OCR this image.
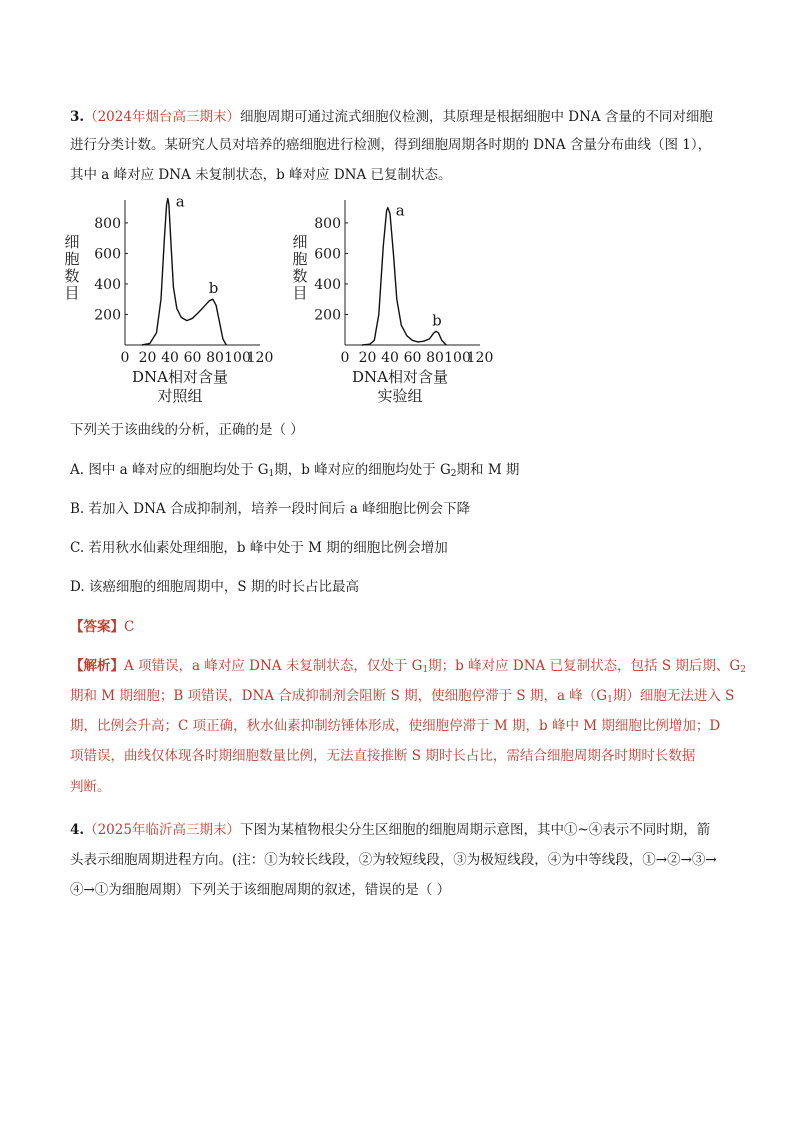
3.（2024年烟台高三期末）细胞周期可通过流式细胞仪检测，其原理是根据细胞中 DNA 含量的不同对细胞
进行分类计数。某研究人员对培养的癌细胞进行检测，得到细胞周期各时期的 DNA 含量分布曲线（图 1），
其中 a 峰对应 DNA 未复制状态，b 峰对应 DNA 已复制状态。
200
400
600
800
0 20 40 60 80 100
120
细
胞
数
目
DNA相对含量
对照组
a
b
200
400
600
800
0 20 40 60 80 100
120
细
胞
数
目
DNA相对含量
实验组
a
b
下列关于该曲线的分析，正确的是（ ）
A. 图中 a 峰对应的细胞均处于 $G_1$期，b 峰对应的细胞均处于 $G_2$期和 M 期
B. 若加入 DNA 合成抑制剂，培养一段时间后 a 峰细胞比例会下降
C. 若用秋水仙素处理细胞，b 峰中处于 M 期的细胞比例会增加
D. 该癌细胞的细胞周期中，S 期的时长占比最高
【答案】C
【解析】A 项错误，a 峰对应 DNA 未复制状态，仅处于 $G_1$期；b 峰对应 DNA 已复制状态，包括 S 期后期、$G_2$
期和 M 期细胞；B 项错误，DNA 合成抑制剂会阻断 S 期，使细胞停滞于 S 期，a 峰（$G_1$期）细胞无法进入 S
期，比例会升高；C 项正确，秋水仙素抑制纺锤体形成，使细胞停滞于 M 期，b 峰中 M 期细胞比例增加；D
项错误，曲线仅体现各时期细胞数量比例，无法直接推断 S 期时长占比，需结合细胞周期各时期时长数据
判断。
4.（2025年临沂高三期末）下图为某植物根尖分生区细胞的细胞周期示意图，其中①~④表示不同时期，箭
头表示细胞周期进程方向。(注：①为较长线段，②为较短线段，③为极短线段，④为中等线段，①→②→③→
④→①为细胞周期）下列关于该细胞周期的叙述，错误的是（ ）
